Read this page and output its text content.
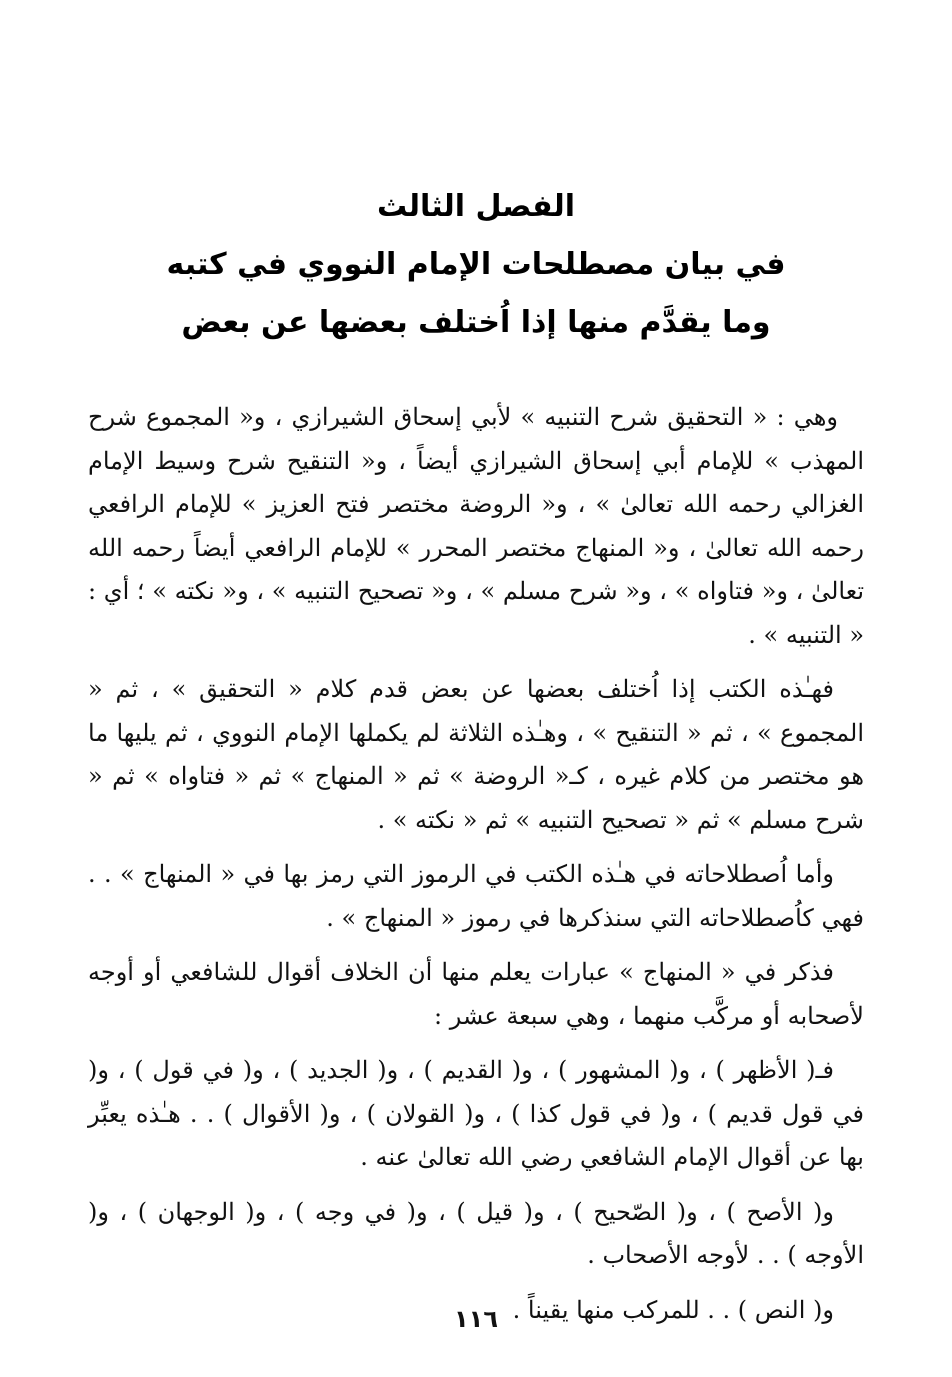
الفصل الثالث
في بيان مصطلحات الإمام النووي في كتبه
وما يقدَّم منها إذا اُختلف بعضها عن بعض

وهي : « التحقيق شرح التنبيه » لأبي إسحاق الشيرازي ، و« المجموع شرح المهذب » للإمام أبي إسحاق الشيرازي أيضاً ، و« التنقيح شرح وسيط الإمام الغزالي رحمه الله تعالىٰ » ، و« الروضة مختصر فتح العزيز » للإمام الرافعي رحمه الله تعالىٰ ، و« المنهاج مختصر المحرر » للإمام الرافعي أيضاً رحمه الله تعالىٰ ، و« فتاواه » ، و« شرح مسلم » ، و« تصحيح التنبيه » ، و« نكته » ؛ أي : « التنبيه » .

فهـٰذه الكتب إذا اُختلف بعضها عن بعض قدم كلام « التحقيق » ، ثم « المجموع » ، ثم « التنقيح » ، وهـٰذه الثلاثة لم يكملها الإمام النووي ، ثم يليها ما هو مختصر من كلام غيره ، كـ« الروضة » ثم « المنهاج » ثم « فتاواه » ثم « شرح مسلم » ثم « تصحيح التنبيه » ثم « نكته » .

وأما اُصطلاحاته في هـٰذه الكتب في الرموز التي رمز بها في « المنهاج » . . فهي كاُصطلاحاته التي سنذكرها في رموز « المنهاج » .

فذكر في « المنهاج » عبارات يعلم منها أن الخلاف أقوال للشافعي أو أوجه لأصحابه أو مركَّب منهما ، وهي سبعة عشر :

فـ( الأظهر ) ، و( المشهور ) ، و( القديم ) ، و( الجديد ) ، و( في قول ) ، و( في قول قديم ) ، و( في قول كذا ) ، و( القولان ) ، و( الأقوال ) . . هـٰذه يعبِّر بها عن أقوال الإمام الشافعي رضي الله تعالىٰ عنه .

و( الأصح ) ، و( الصّحيح ) ، و( قيل ) ، و( في وجه ) ، و( الوجهان ) ، و( الأوجه ) . . لأوجه الأصحاب .

و( النص ) . . للمركب منها يقيناً .

١١٦
